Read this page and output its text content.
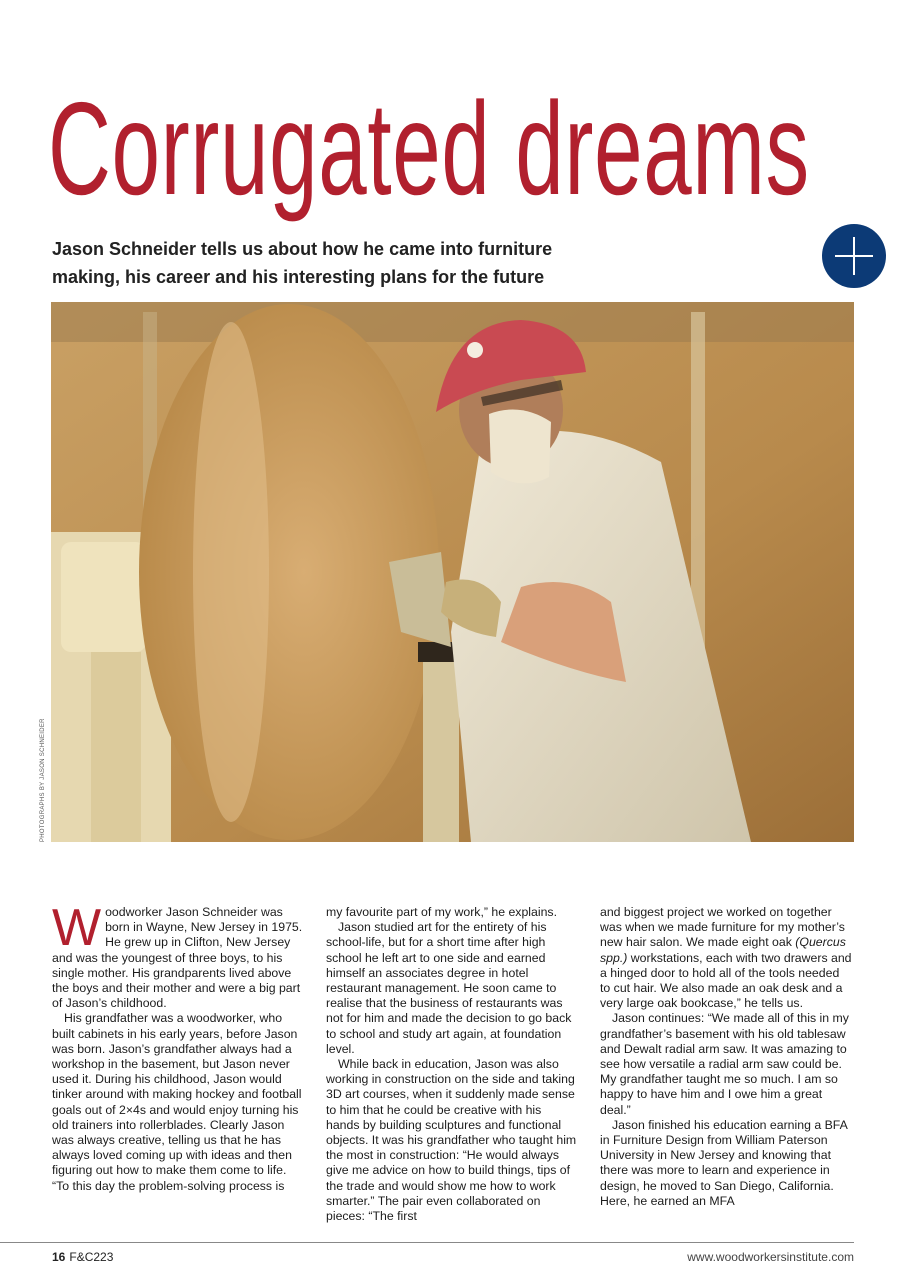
Corrugated dreams

Jason Schneider tells us about how he came into furniture making, his career and his interesting plans for the future

PHOTOGRAPHS BY JASON SCHNEIDER

Woodworker Jason Schneider was born in Wayne, New Jersey in 1975. He grew up in Clifton, New Jersey and was the youngest of three boys, to his single mother. His grandparents lived above the boys and their mother and were a big part of Jason’s childhood.

His grandfather was a woodworker, who built cabinets in his early years, before Jason was born. Jason’s grandfather always had a workshop in the basement, but Jason never used it. During his childhood, Jason would tinker around with making hockey and football goals out of 2×4s and would enjoy turning his old trainers into rollerblades. Clearly Jason was always creative, telling us that he has always loved coming up with ideas and then figuring out how to make them come to life. “To this day the problem-solving process is

my favourite part of my work,” he explains.

Jason studied art for the entirety of his school-life, but for a short time after high school he left art to one side and earned himself an associates degree in hotel restaurant management. He soon came to realise that the business of restaurants was not for him and made the decision to go back to school and study art again, at foundation level.

While back in education, Jason was also working in construction on the side and taking 3D art courses, when it suddenly made sense to him that he could be creative with his hands by building sculptures and functional objects. It was his grandfather who taught him the most in construction: “He would always give me advice on how to build things, tips of the trade and would show me how to work smarter.” The pair even collaborated on pieces: “The first

and biggest project we worked on together was when we made furniture for my mother’s new hair salon. We made eight oak (Quercus spp.) workstations, each with two drawers and a hinged door to hold all of the tools needed to cut hair. We also made an oak desk and a very large oak bookcase,” he tells us.

Jason continues: “We made all of this in my grandfather’s basement with his old tablesaw and Dewalt radial arm saw. It was amazing to see how versatile a radial arm saw could be. My grandfather taught me so much. I am so happy to have him and I owe him a great deal.”

Jason finished his education earning a BFA in Furniture Design from William Paterson University in New Jersey and knowing that there was more to learn and experience in design, he moved to San Diego, California. Here, he earned an MFA

16 F&C223	www.woodworkersinstitute.com
